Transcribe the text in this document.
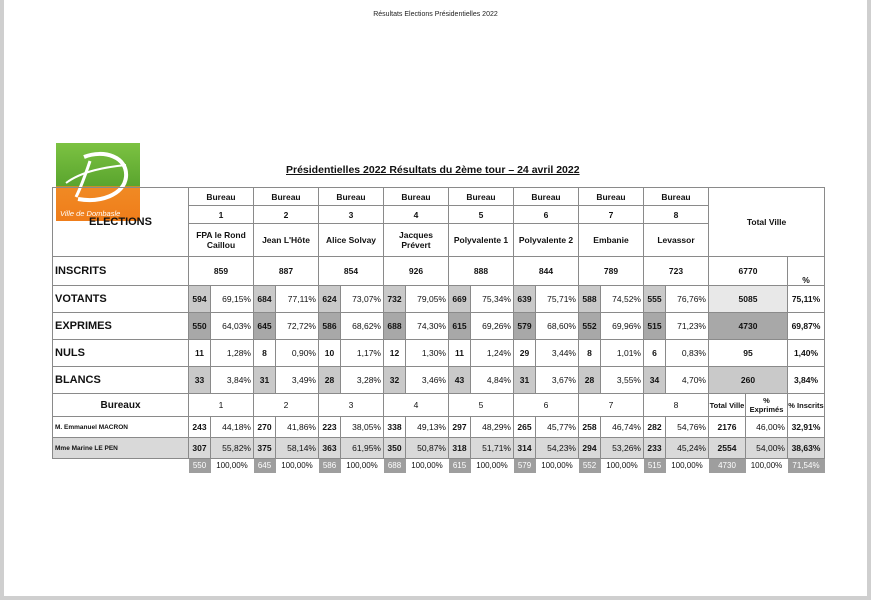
Résultats Elections Présidentielles 2022
Ville de Dombasle
Présidentielles 2022 Résultats du 2ème tour – 24 avril 2022
ELECTIONS	Bureau		Bureau		Bureau		Bureau		Bureau		Bureau		Bureau		Bureau		Total Ville		
	1		2		3		4		5		6		7		8				
	FPA le Rond Caillou		Jean L'Hôte		Alice Solvay		Jacques Prévert		Polyvalente 1		Polyvalente 2		Embanie		Levassor				
INSCRITS	859		887		854		926		888		844		789		723		6770		%
VOTANTS	594	69,15%	684	77,11%	624	73,07%	732	79,05%	669	75,34%	639	75,71%	588	74,52%	555	76,76%	5085		75,11%
EXPRIMES	550	64,03%	645	72,72%	586	68,62%	688	74,30%	615	69,26%	579	68,60%	552	69,96%	515	71,23%	4730		69,87%
NULS	11	1,28%	8	0,90%	10	1,17%	12	1,30%	11	1,24%	29	3,44%	8	1,01%	6	0,83%	95		1,40%
BLANCS	33	3,84%	31	3,49%	28	3,28%	32	3,46%	43	4,84%	31	3,67%	28	3,55%	34	4,70%	260		3,84%
Bureaux	1		2		3		4		5		6		7		8		Total Ville	% Exprimés	% Inscrits
M. Emmanuel MACRON	243	44,18%	270	41,86%	223	38,05%	338	49,13%	297	48,29%	265	45,77%	258	46,74%	282	54,76%	2176	46,00%	32,91%
Mme Marine LE PEN	307	55,82%	375	58,14%	363	61,95%	350	50,87%	318	51,71%	314	54,23%	294	53,26%	233	45,24%	2554	54,00%	38,63%
	550	100,00%	645	100,00%	586	100,00%	688	100,00%	615	100,00%	579	100,00%	552	100,00%	515	100,00%	4730	100,00%	71,54%
